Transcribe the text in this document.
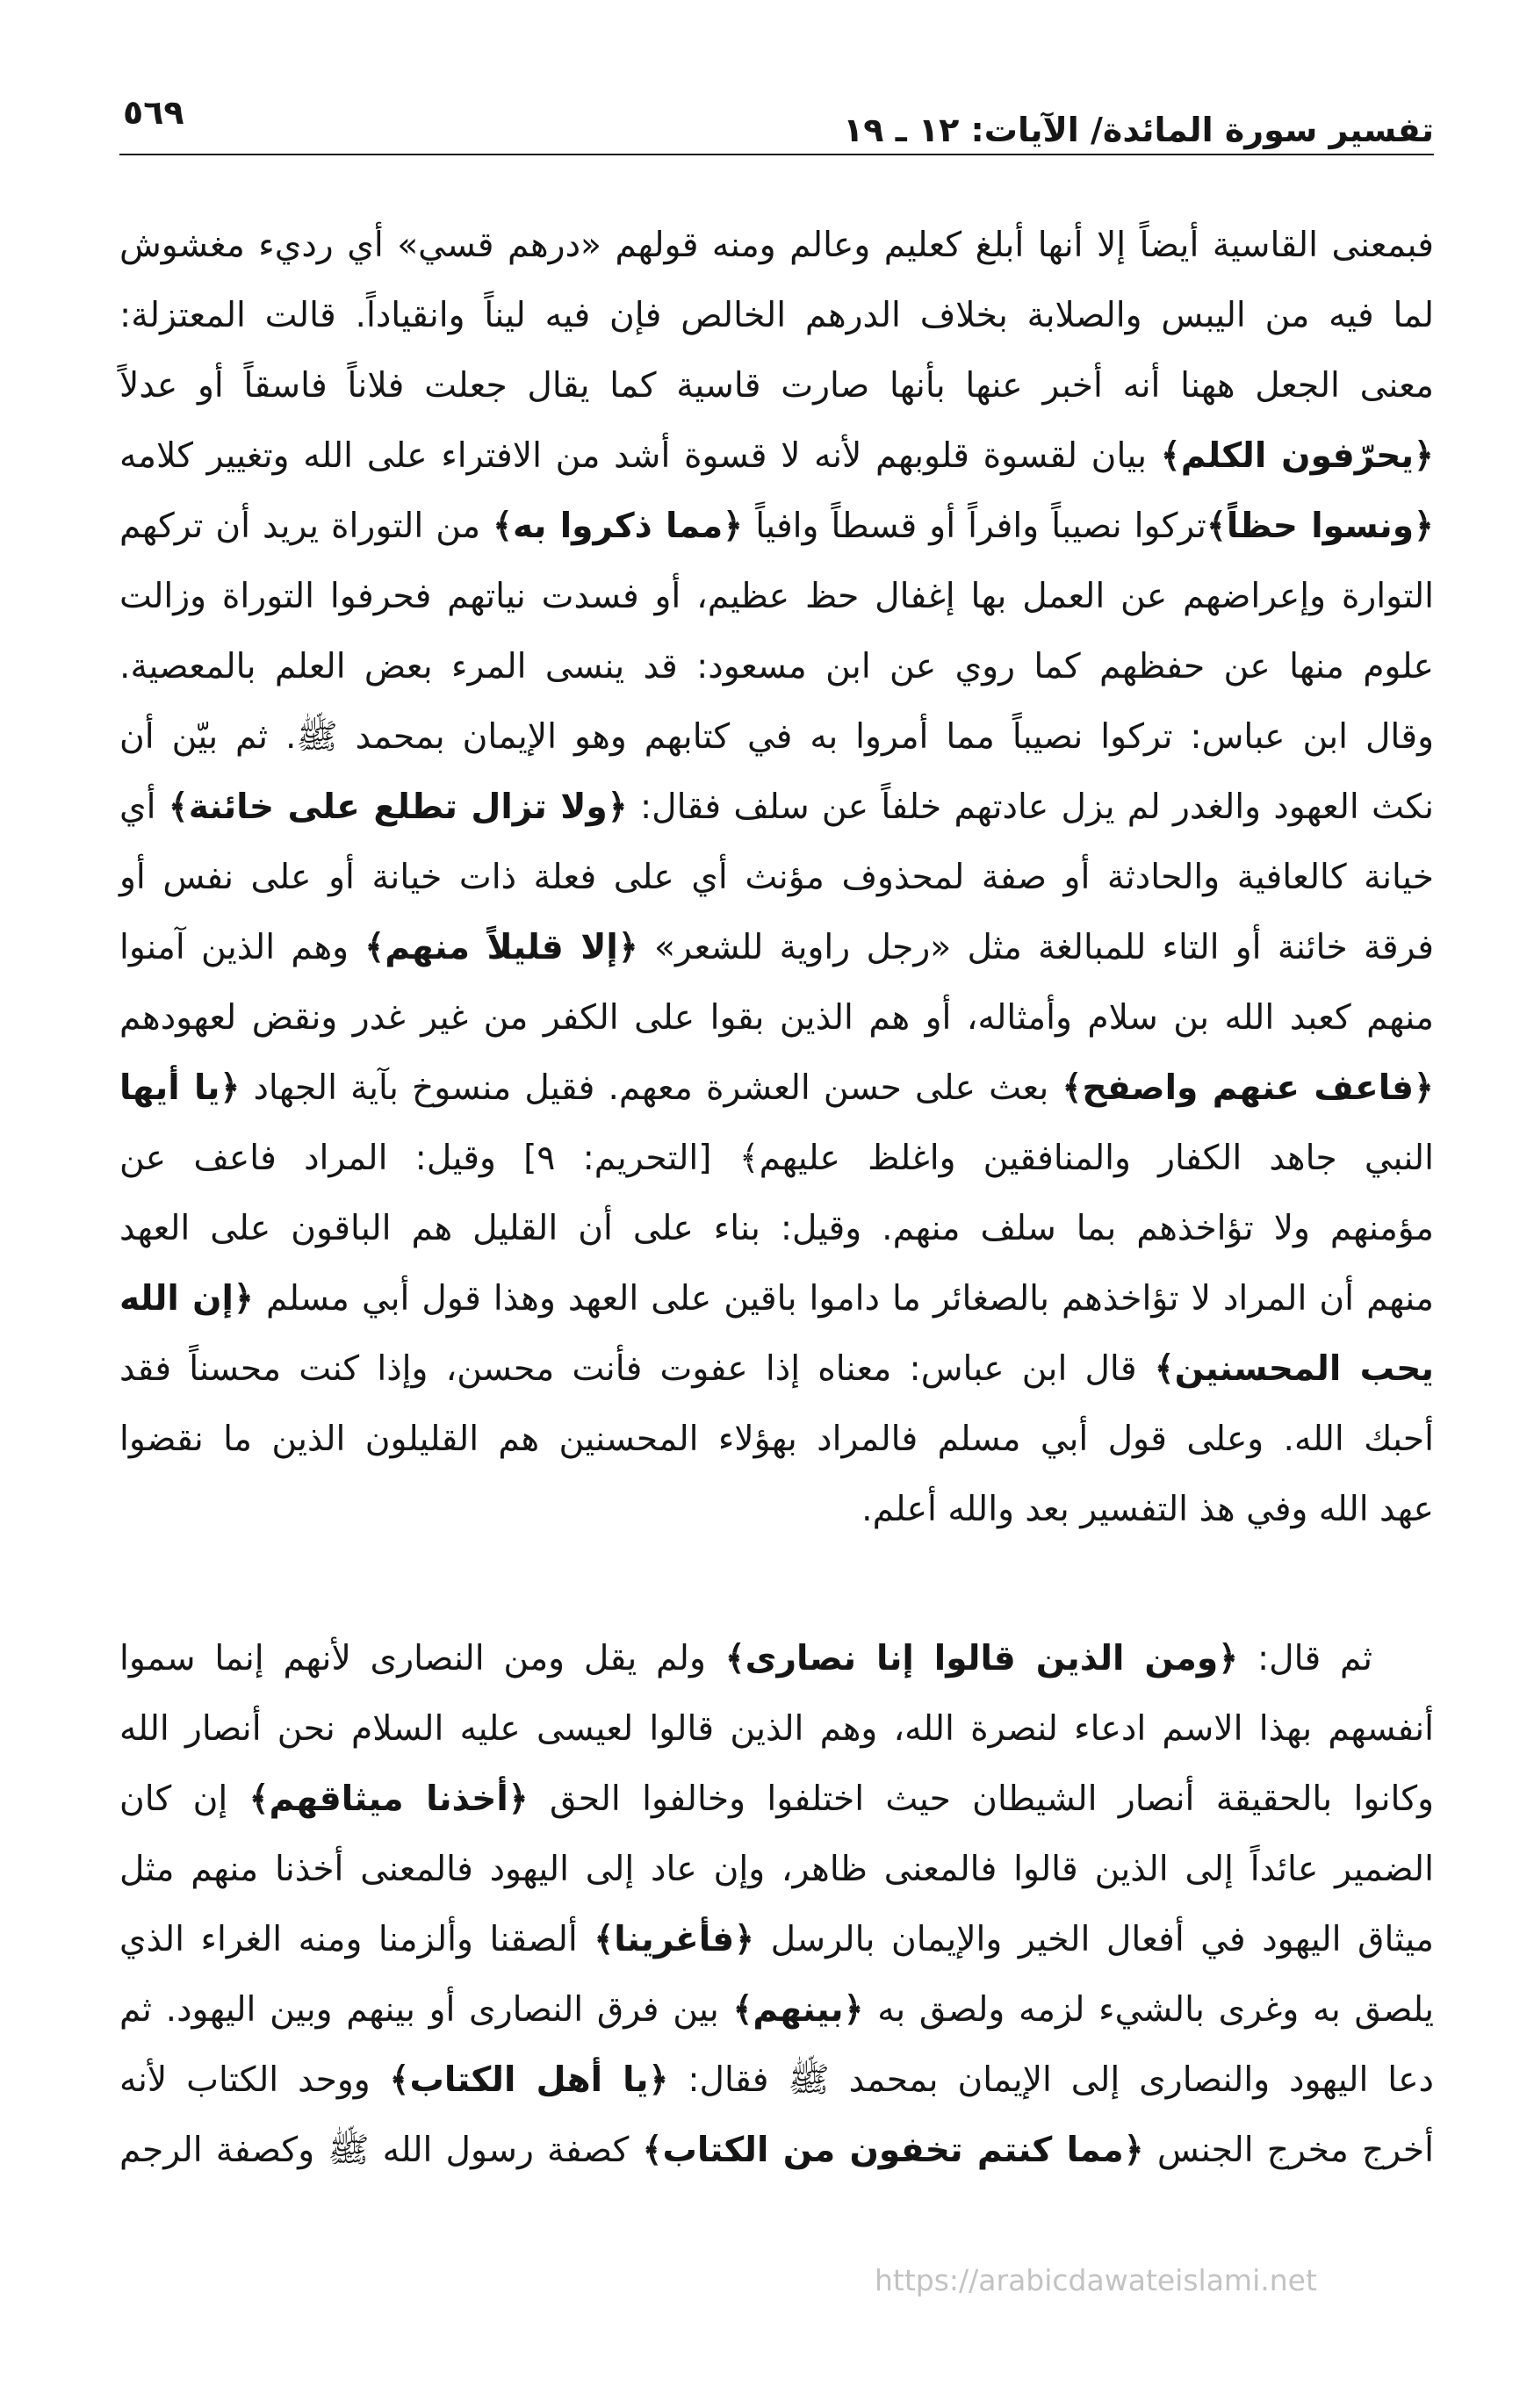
تفسير سورة المائدة/ الآيات: ١٢ ـ ١٩
٥٦٩
فبمعنى القاسية أيضاً إلا أنها أبلغ كعليم وعالم ومنه قولهم «درهم قسي» أي رديء مغشوش
لما فيه من اليبس والصلابة بخلاف الدرهم الخالص فإن فيه ليناً وانقياداً. قالت المعتزلة:
معنى الجعل ههنا أنه أخبر عنها بأنها صارت قاسية كما يقال جعلت فلاناً فاسقاً أو عدلاً
﴿يحرّفون الكلم﴾ بيان لقسوة قلوبهم لأنه لا قسوة أشد من الافتراء على الله وتغيير كلامه
﴿ونسوا حظاً﴾تركوا نصيباً وافراً أو قسطاً وافياً ﴿مما ذكروا به﴾ من التوراة يريد أن تركهم
التوارة وإعراضهم عن العمل بها إغفال حظ عظيم، أو فسدت نياتهم فحرفوا التوراة وزالت
علوم منها عن حفظهم كما روي عن ابن مسعود: قد ينسى المرء بعض العلم بالمعصية.
وقال ابن عباس: تركوا نصيباً مما أمروا به في كتابهم وهو الإيمان بمحمد ﷺ. ثم بيّن أن
نكث العهود والغدر لم يزل عادتهم خلفاً عن سلف فقال: ﴿ولا تزال تطلع على خائنة﴾ أي
خيانة كالعافية والحادثة أو صفة لمحذوف مؤنث أي على فعلة ذات خيانة أو على نفس أو
فرقة خائنة أو التاء للمبالغة مثل «رجل راوية للشعر» ﴿إلا قليلاً منهم﴾ وهم الذين آمنوا
منهم كعبد الله بن سلام وأمثاله، أو هم الذين بقوا على الكفر من غير غدر ونقض لعهودهم
﴿فاعف عنهم واصفح﴾ بعث على حسن العشرة معهم. فقيل منسوخ بآية الجهاد ﴿يا أيها
النبي جاهد الكفار والمنافقين واغلظ عليهم﴾ [التحريم: ٩] وقيل: المراد فاعف عن
مؤمنهم ولا تؤاخذهم بما سلف منهم. وقيل: بناء على أن القليل هم الباقون على العهد
منهم أن المراد لا تؤاخذهم بالصغائر ما داموا باقين على العهد وهذا قول أبي مسلم ﴿إن الله
يحب المحسنين﴾ قال ابن عباس: معناه إذا عفوت فأنت محسن، وإذا كنت محسناً فقد
أحبك الله. وعلى قول أبي مسلم فالمراد بهؤلاء المحسنين هم القليلون الذين ما نقضوا
عهد الله وفي هذ التفسير بعد والله أعلم.
ثم قال: ﴿ومن الذين قالوا إنا نصارى﴾ ولم يقل ومن النصارى لأنهم إنما سموا
أنفسهم بهذا الاسم ادعاء لنصرة الله، وهم الذين قالوا لعيسى عليه السلام نحن أنصار الله
وكانوا بالحقيقة أنصار الشيطان حيث اختلفوا وخالفوا الحق ﴿أخذنا ميثاقهم﴾ إن كان
الضمير عائداً إلى الذين قالوا فالمعنى ظاهر، وإن عاد إلى اليهود فالمعنى أخذنا منهم مثل
ميثاق اليهود في أفعال الخير والإيمان بالرسل ﴿فأغرينا﴾ ألصقنا وألزمنا ومنه الغراء الذي
يلصق به وغرى بالشيء لزمه ولصق به ﴿بينهم﴾ بين فرق النصارى أو بينهم وبين اليهود. ثم
دعا اليهود والنصارى إلى الإيمان بمحمد ﷺ فقال: ﴿يا أهل الكتاب﴾ ووحد الكتاب لأنه
أخرج مخرج الجنس ﴿مما كنتم تخفون من الكتاب﴾ كصفة رسول الله ﷺ وكصفة الرجم
https://arabicdawateislami.net
